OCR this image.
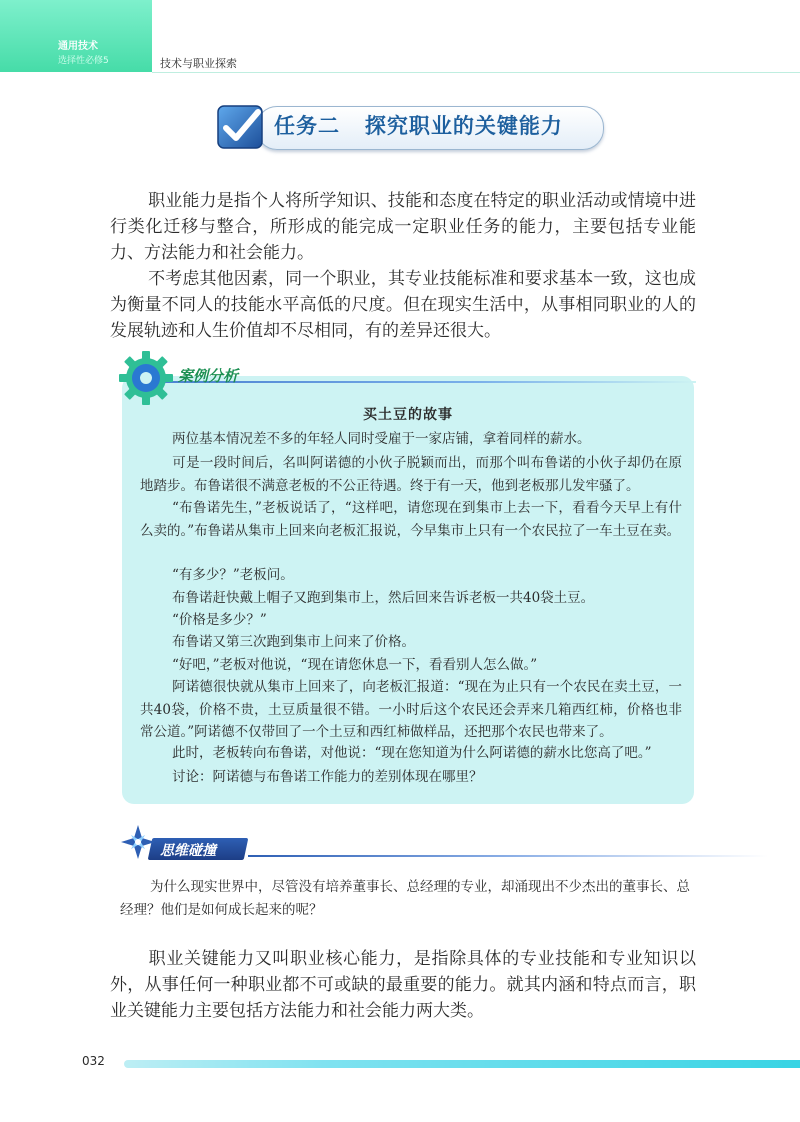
通用技术
选择性必修5	技术与职业探索
任务二   探究职业的关键能力

职业能力是指个人将所学知识、技能和态度在特定的职业活动或情境中进行类化迁移与整合，所形成的能完成一定职业任务的能力，主要包括专业能力、方法能力和社会能力。

不考虑其他因素，同一个职业，其专业技能标准和要求基本一致，这也成为衡量不同人的技能水平高低的尺度。但在现实生活中，从事相同职业的人的发展轨迹和人生价值却不尽相同，有的差异还很大。

案例分析
买土豆的故事

两位基本情况差不多的年轻人同时受雇于一家店铺，拿着同样的薪水。

可是一段时间后，名叫阿诺德的小伙子脱颖而出，而那个叫布鲁诺的小伙子却仍在原地踏步。布鲁诺很不满意老板的不公正待遇。终于有一天，他到老板那儿发牢骚了。

“布鲁诺先生，”老板说话了，“这样吧，请您现在到集市上去一下，看看今天早上有什么卖的。”布鲁诺从集市上回来向老板汇报说，今早集市上只有一个农民拉了一车土豆在卖。

“有多少？”老板问。

布鲁诺赶快戴上帽子又跑到集市上，然后回来告诉老板一共40袋土豆。

“价格是多少？”

布鲁诺又第三次跑到集市上问来了价格。

“好吧，”老板对他说，“现在请您休息一下，看看别人怎么做。”

阿诺德很快就从集市上回来了，向老板汇报道：“现在为止只有一个农民在卖土豆，一共40袋，价格不贵，土豆质量很不错。一小时后这个农民还会弄来几箱西红柿，价格也非常公道。”阿诺德不仅带回了一个土豆和西红柿做样品，还把那个农民也带来了。

此时，老板转向布鲁诺，对他说：“现在您知道为什么阿诺德的薪水比您高了吧。”

讨论：阿诺德与布鲁诺工作能力的差别体现在哪里？

思维碰撞

为什么现实世界中，尽管没有培养董事长、总经理的专业，却涌现出不少杰出的董事长、总经理？他们是如何成长起来的呢？

职业关键能力又叫职业核心能力，是指除具体的专业技能和专业知识以外，从事任何一种职业都不可或缺的最重要的能力。就其内涵和特点而言，职业关键能力主要包括方法能力和社会能力两大类。

032
